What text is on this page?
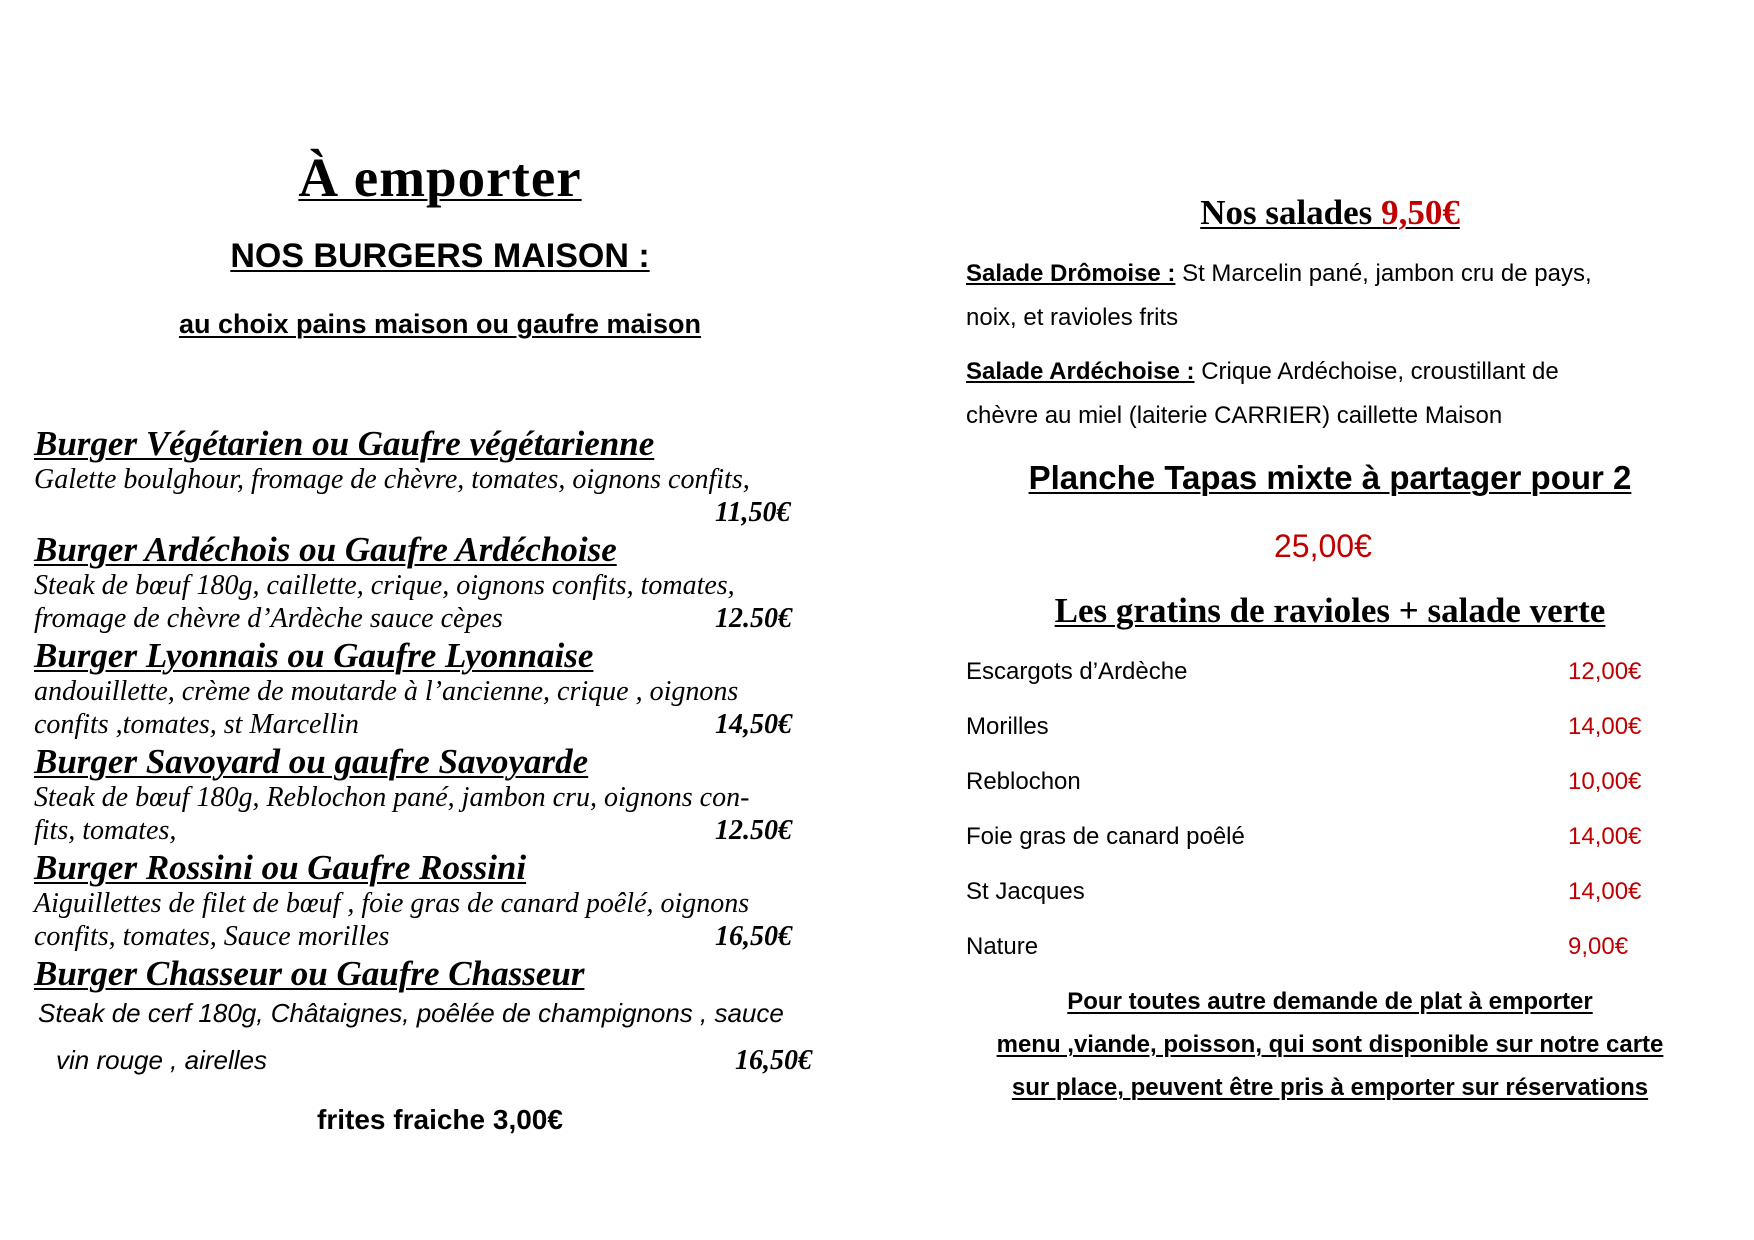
À emporter
NOS BURGERS MAISON :
au choix pains maison ou gaufre maison
Burger Végétarien ou Gaufre végétarienne
Galette boulghour, fromage de chèvre, tomates, oignons confits,
11,50€
Burger Ardéchois ou Gaufre Ardéchoise
Steak de bœuf 180g, caillette, crique, oignons confits, tomates,
fromage de chèvre d’Ardèche sauce cèpes	12.50€
Burger Lyonnais ou Gaufre Lyonnaise
andouillette, crème de moutarde à l’ancienne, crique , oignons
confits ,tomates, st Marcellin	14,50€
Burger Savoyard ou gaufre Savoyarde
Steak de bœuf 180g, Reblochon pané, jambon cru, oignons con-
fits, tomates,	12.50€
Burger Rossini ou Gaufre Rossini
Aiguillettes de filet de bœuf , foie gras de canard poêlé, oignons
confits, tomates, Sauce morilles	16,50€
Burger Chasseur ou Gaufre Chasseur
Steak de cerf 180g, Châtaignes, poêlée de champignons , sauce
vin rouge , airelles	16,50€
frites fraiche 3,00€
Nos salades 9,50€
Salade Drômoise : St Marcelin pané, jambon cru de pays,
noix, et ravioles frits
Salade Ardéchoise : Crique Ardéchoise, croustillant de
chèvre au miel (laiterie CARRIER) caillette Maison
Planche Tapas mixte à partager pour 2
25,00€
Les gratins de ravioles + salade verte
Escargots d’Ardèche	12,00€
Morilles	14,00€
Reblochon	10,00€
Foie gras de canard poêlé	14,00€
St Jacques	14,00€
Nature	9,00€
Pour toutes autre demande de plat à emporter
menu ,viande, poisson, qui sont disponible sur notre carte
sur place, peuvent être pris à emporter sur réservations
